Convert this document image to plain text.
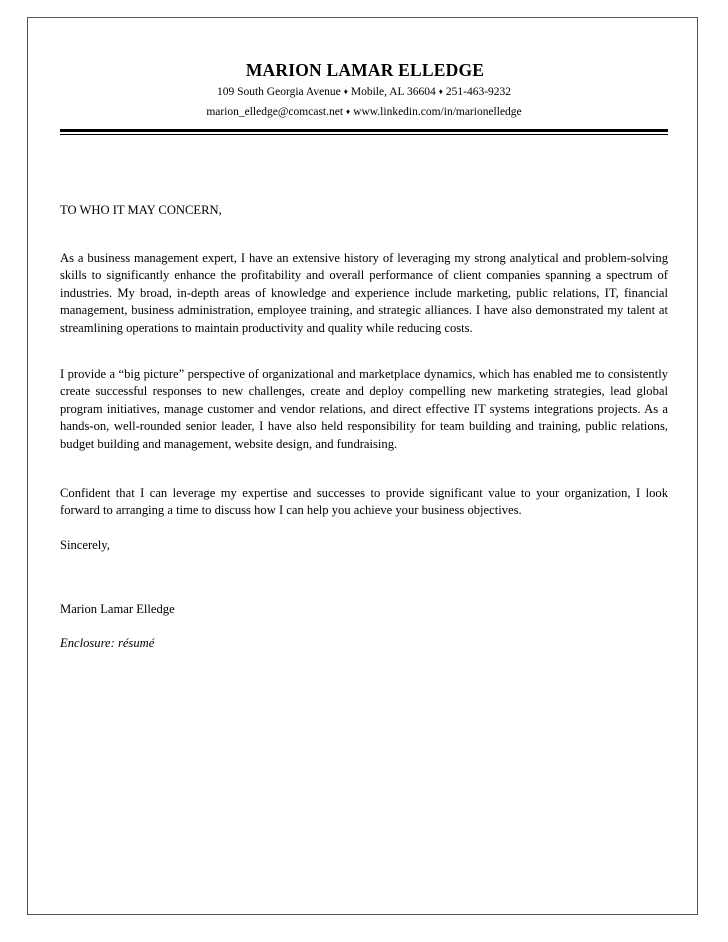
MARION LAMAR ELLEDGE

109 South Georgia Avenue ♦ Mobile, AL 36604 ♦ 251-463-9232

marion_elledge@comcast.net ♦ www.linkedin.com/in/marionelledge

TO WHO IT MAY CONCERN,

As a business management expert, I have an extensive history of leveraging my strong analytical and problem-solving skills to significantly enhance the profitability and overall performance of client companies spanning a spectrum of industries. My broad, in-depth areas of knowledge and experience include marketing, public relations, IT, financial management, business administration, employee training, and strategic alliances. I have also demonstrated my talent at streamlining operations to maintain productivity and quality while reducing costs.

I provide a “big picture” perspective of organizational and marketplace dynamics, which has enabled me to consistently create successful responses to new challenges, create and deploy compelling new marketing strategies, lead global program initiatives, manage customer and vendor relations, and direct effective IT systems integrations projects. As a hands-on, well-rounded senior leader, I have also held responsibility for team building and training, public relations, budget building and management, website design, and fundraising.

Confident that I can leverage my expertise and successes to provide significant value to your organization, I look forward to arranging a time to discuss how I can help you achieve your business objectives.

Sincerely,
Marion Lamar Elledge
Enclosure: résumé
